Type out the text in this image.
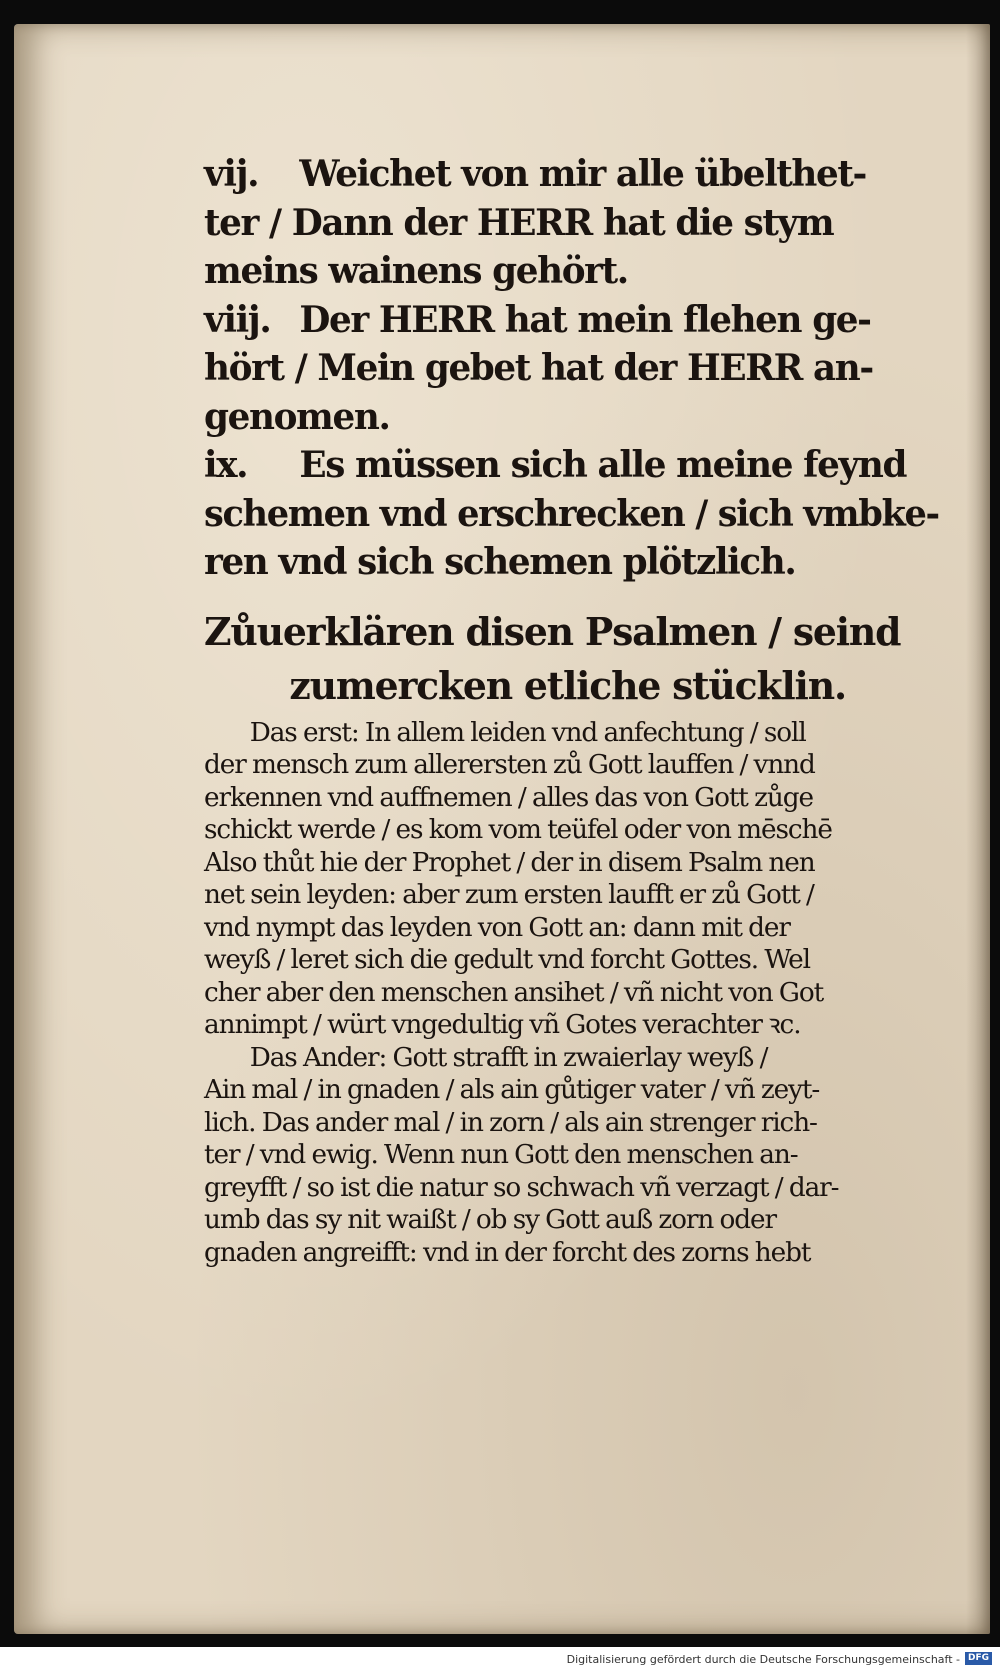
vij. Weichet von mir alle übelthet-
ter / Dann der HERR hat die stym
meins wainens gehört.
viij. Der HERR hat mein flehen ge-
hört / Mein gebet hat der HERR an-
genomen.
ix. Es müssen sich alle meine feynd
schemen vnd erschrecken / sich vmbke-
ren vnd sich schemen plötzlich.
Zůuerklären disen Psalmen / seind
zumercken etliche stücklin.
Das erst: In allem leiden vnd anfechtung / soll
der mensch zum allerersten zů Gott lauffen / vnnd
erkennen vnd auffnemen / alles das von Gott zůge
schickt werde / es kom vom teüfel oder von mēschē
Also thůt hie der Prophet / der in disem Psalm nen
net sein leyden: aber zum ersten laufft er zů Gott /
vnd nympt das leyden von Gott an: dann mit der
weyß / leret sich die gedult vnd forcht Gottes. Wel
cher aber den menschen ansihet / vñ nicht von Got
annimpt / würt vngedultig vñ Gotes verachter ꝛc.
Das Ander: Gott strafft in zwaierlay weyß /
Ain mal / in gnaden / als ain gůtiger vater / vñ zeyt-
lich. Das ander mal / in zorn / als ain strenger rich-
ter / vnd ewig. Wenn nun Gott den menschen an-
greyfft / so ist die natur so schwach vñ verzagt / dar-
umb das sy nit waißt / ob sy Gott auß zorn oder
gnaden angreifft: vnd in der forcht des zorns hebt
Digitalisierung gefördert durch die Deutsche Forschungsgemeinschaft - DFG
